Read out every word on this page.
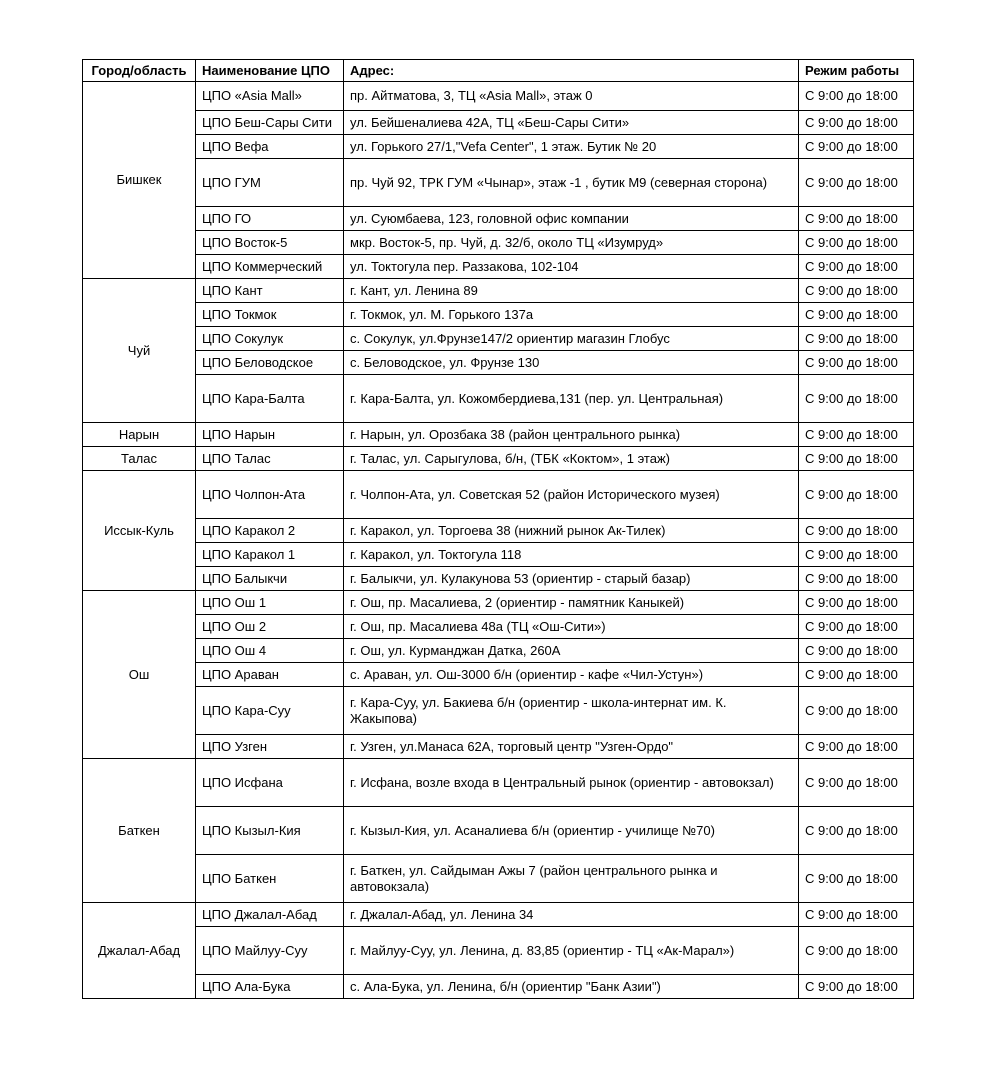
Город/область	Наименование ЦПО	Адрес:	Режим работы
Бишкек	ЦПО «Asia Mall»	пр. Айтматова, 3, ТЦ «Asia Mall», этаж 0	С 9:00 до 18:00
	ЦПО Беш-Сары Сити	ул. Бейшеналиева 42А, ТЦ «Беш-Сары Сити»	С 9:00 до 18:00
	ЦПО Вефа	ул. Горького 27/1,"Vefa Center", 1 этаж. Бутик № 20	С 9:00 до 18:00
	ЦПО ГУМ	пр. Чуй 92, ТРК ГУМ «Чынар», этаж -1 , бутик М9 (северная сторона)	С 9:00 до 18:00
	ЦПО ГО	ул. Суюмбаева, 123, головной офис компании	С 9:00 до 18:00
	ЦПО Восток-5	мкр. Восток-5, пр. Чуй, д. 32/б, около ТЦ «Изумруд»	С 9:00 до 18:00
	ЦПО Коммерческий	ул. Токтогула пер. Раззакова, 102-104	С 9:00 до 18:00
Чуй	ЦПО Кант	г. Кант, ул. Ленина 89	С 9:00 до 18:00
	ЦПО Токмок	г. Токмок, ул. М. Горького 137а	С 9:00 до 18:00
	ЦПО Сокулук	с. Сокулук, ул.Фрунзе147/2 ориентир магазин Глобус	С 9:00 до 18:00
	ЦПО Беловодское	с. Беловодское, ул. Фрунзе 130	С 9:00 до 18:00
	ЦПО Кара-Балта	г. Кара-Балта, ул. Кожомбердиева,131 (пер. ул. Центральная)	С 9:00 до 18:00
Нарын	ЦПО Нарын	г. Нарын, ул. Орозбака 38 (район центрального рынка)	С 9:00 до 18:00
Талас	ЦПО Талас	г. Талас, ул. Сарыгулова, б/н, (ТБК «Коктом», 1 этаж)	С 9:00 до 18:00
Иссык-Куль	ЦПО Чолпон-Ата	г. Чолпон-Ата, ул. Советская 52 (район Исторического музея)	С 9:00 до 18:00
	ЦПО Каракол 2	г. Каракол, ул. Торгоева 38 (нижний рынок Ак-Тилек)	С 9:00 до 18:00
	ЦПО Каракол 1	г. Каракол, ул. Токтогула 118	С 9:00 до 18:00
	ЦПО Балыкчи	г. Балыкчи, ул. Кулакунова 53 (ориентир - старый базар)	С 9:00 до 18:00
Ош	ЦПО Ош 1	г. Ош, пр. Масалиева, 2 (ориентир - памятник Каныкей)	С 9:00 до 18:00
	ЦПО Ош 2	г. Ош, пр. Масалиева 48а (ТЦ «Ош-Сити»)	С 9:00 до 18:00
	ЦПО Ош 4	г. Ош, ул. Курманджан Датка, 260А	С 9:00 до 18:00
	ЦПО Араван	с. Араван, ул. Ош-3000 б/н (ориентир - кафе «Чил-Устун»)	С 9:00 до 18:00
	ЦПО Кара-Суу	г. Кара-Суу, ул. Бакиева б/н (ориентир - школа-интернат им. К. Жакыпова)	С 9:00 до 18:00
	ЦПО Узген	г. Узген, ул.Манаса 62А, торговый центр "Узген-Ордо"	С 9:00 до 18:00
Баткен	ЦПО Исфана	г. Исфана, возле входа в Центральный рынок (ориентир - автовокзал)	С 9:00 до 18:00
	ЦПО Кызыл-Кия	г. Кызыл-Кия, ул. Асаналиева б/н (ориентир - училище №70)	С 9:00 до 18:00
	ЦПО Баткен	г. Баткен, ул. Сайдыман Ажы 7 (район центрального рынка и автовокзала)	С 9:00 до 18:00
Джалал-Абад	ЦПО Джалал-Абад	г. Джалал-Абад, ул. Ленина 34	С 9:00 до 18:00
	ЦПО Майлуу-Суу	г. Майлуу-Суу, ул. Ленина, д. 83,85 (ориентир - ТЦ «Ак-Марал»)	С 9:00 до 18:00
	ЦПО Ала-Бука	с. Ала-Бука, ул. Ленина, б/н (ориентир "Банк Азии")	С 9:00 до 18:00
